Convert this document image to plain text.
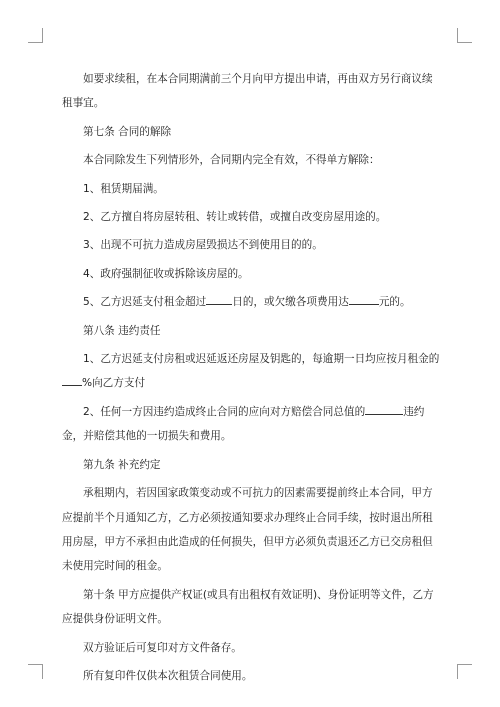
如要求续租，在本合同期满前三个月向甲方提出申请，再由双方另行商议续租事宜。

第七条 合同的解除

本合同除发生下列情形外，合同期内完全有效，不得单方解除：

1、租赁期届满。

2、乙方擅自将房屋转租、转让或转借，或擅自改变房屋用途的。

3、出现不可抗力造成房屋毁损达不到使用目的的。

4、政府强制征收或拆除该房屋的。

5、乙方迟延支付租金超过 日的，或欠缴各项费用达	元的。

第八条 违约责任

1、乙方迟延支付房租或迟延返还房屋及钥匙的，每逾期一日均应按月租金的%向乙方支付

2、任何一方因违约造成终止合同的应向对方赔偿合同总值的	违约金，并赔偿其他的一切损失和费用。

第九条 补充约定

承租期内，若因国家政策变动或不可抗力的因素需要提前终止本合同，甲方应提前半个月通知乙方，乙方必须按通知要求办理终止合同手续，按时退出所租用房屋，甲方不承担由此造成的任何损失，但甲方必须负责退还乙方已交房租但未使用完时间的租金。

第十条 甲方应提供产权证(或具有出租权有效证明)、身份证明等文件，乙方应提供身份证明文件。

双方验证后可复印对方文件备存。

所有复印件仅供本次租赁合同使用。
